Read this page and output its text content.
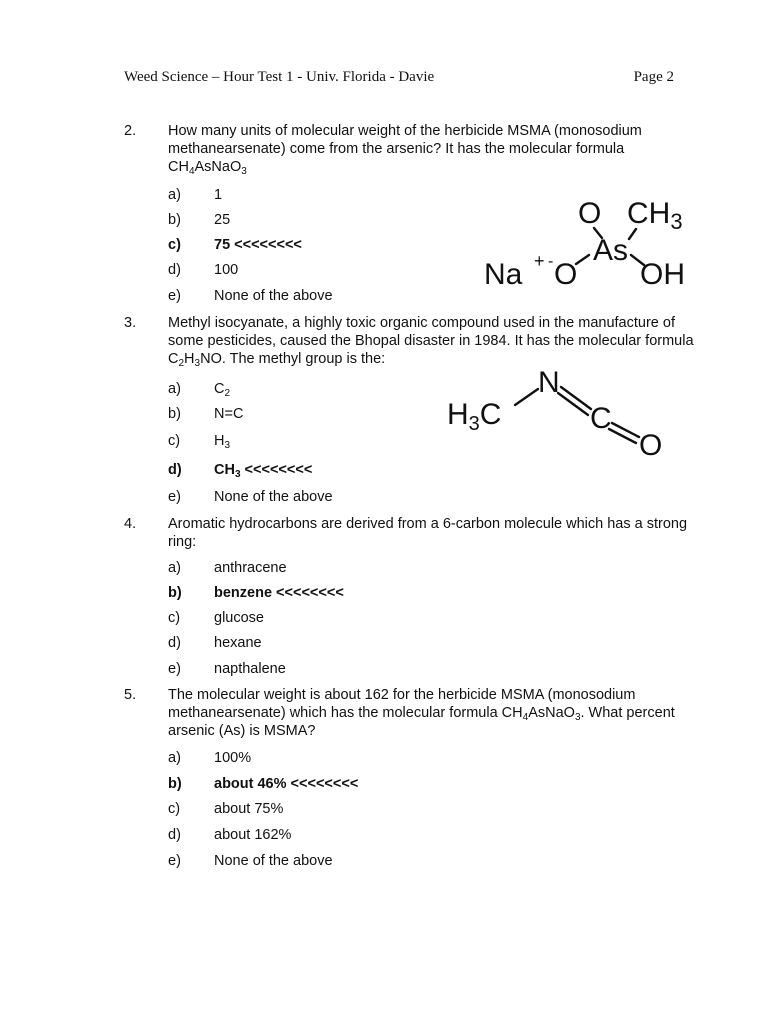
Weed Science – Hour Test 1 - Univ. Florida - Davie	Page 2
2. How many units of molecular weight of the herbicide MSMA (monosodium methanearsenate) come from the arsenic? It has the molecular formula $CH_4AsNaO_3$
a) 1
b) 25
c) 75 <<<<<<<<
d) 100
e) None of the above
Na + - O
As
OH
O $CH_3$
3. Methyl isocyanate, a highly toxic organic compound used in the manufacture of some pesticides, caused the Bhopal disaster in 1984. It has the molecular formula $C_2H_3NO$. The methyl group is the:
a) $C_2$
b) N=C
c) $H_3$
d) $CH_3$ <<<<<<<<
e) None of the above
$H_3C$
N
C
O
4. Aromatic hydrocarbons are derived from a 6-carbon molecule which has a strong ring:
a) anthracene
b) benzene <<<<<<<<
c) glucose
d) hexane
e) napthalene
5. The molecular weight is about 162 for the herbicide MSMA (monosodium methanearsenate) which has the molecular formula $CH_4AsNaO_3$. What percent arsenic (As) is MSMA?
a) 100%
b) about 46% <<<<<<<<
c) about 75%
d) about 162%
e) None of the above
